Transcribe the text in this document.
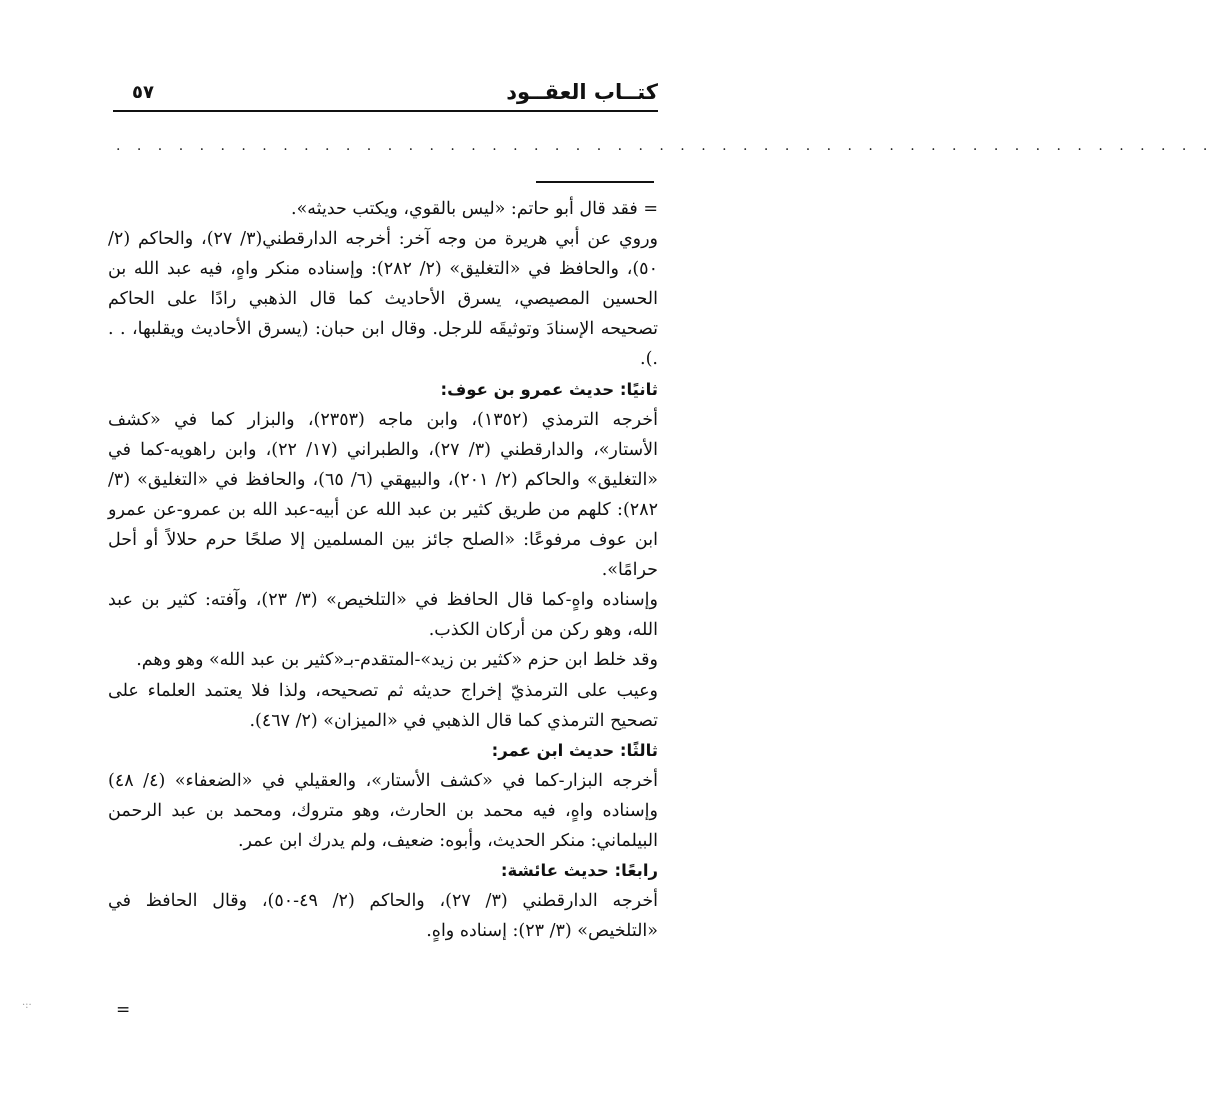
كتــاب العقــود
٥٧
. . . . . . . . . . . . . . . . . . . . . . . . . . . . . . . . . . . . . . . . . . . . . . . . . . . . .

= فقد قال أبو حاتم: «ليس بالقوي، ويكتب حديثه».

وروي عن أبي هريرة من وجه آخر: أخرجه الدارقطني(٣/ ٢٧)، والحاكم (٢/ ٥٠)، والحافظ في «التغليق» (٢/ ٢٨٢): وإسناده منكر واهٍ، فيه عبد الله بن الحسين المصيصي، يسرق الأحاديث كما قال الذهبي رادًا على الحاكم تصحيحه الإسنادَ وتوثيقَه للرجل. وقال ابن حبان: (يسرق الأحاديث ويقلبها، . . .).

ثانيًا: حديث عمرو بن عوف:

أخرجه الترمذي (١٣٥٢)، وابن ماجه (٢٣٥٣)، والبزار كما في «كشف الأستار»، والدارقطني (٣/ ٢٧)، والطبراني (١٧/ ٢٢)، وابن راهويه-كما في «التغليق» والحاكم (٢/ ٢٠١)، والبيهقي (٦/ ٦٥)، والحافظ في «التغليق» (٣/ ٢٨٢): كلهم من طريق كثير بن عبد الله عن أبيه-عبد الله بن عمرو-عن عمرو ابن عوف مرفوعًا: «الصلح جائز بين المسلمين إلا صلحًا حرم حلالاً أو أحل حرامًا».

وإسناده واهٍ-كما قال الحافظ في «التلخيص» (٣/ ٢٣)، وآفته: كثير بن عبد الله، وهو ركن من أركان الكذب.

وقد خلط ابن حزم «كثير بن زيد»-المتقدم-بـ«كثير بن عبد الله» وهو وهم.

وعيب على الترمذيّ إخراج حديثه ثم تصحيحه، ولذا فلا يعتمد العلماء على تصحيح الترمذي كما قال الذهبي في «الميزان» (٢/ ٤٦٧).

ثالثًا: حديث ابن عمر:

أخرجه البزار-كما في «كشف الأستار»، والعقيلي في «الضعفاء» (٤/ ٤٨) وإسناده واهٍ، فيه محمد بن الحارث، وهو متروك، ومحمد بن عبد الرحمن البيلماني: منكر الحديث، وأبوه: ضعيف، ولم يدرك ابن عمر.

رابعًا: حديث عائشة:

أخرجه الدارقطني (٣/ ٢٧)، والحاكم (٢/ ٤٩-٥٠)، وقال الحافظ في «التلخيص» (٣/ ٢٣): إسناده واهٍ.

=
·:·
